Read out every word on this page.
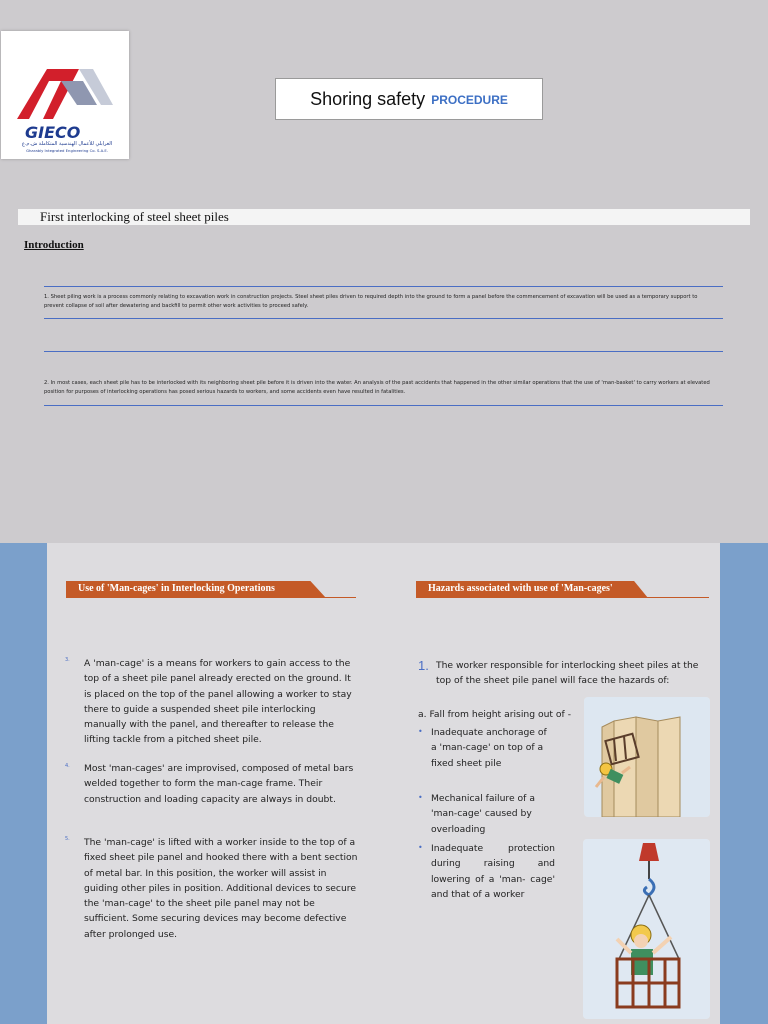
GIECO
الغرابلي للأعمال الهندسية المتكاملة ش.م.ع
Gharably Integrated Engineering Co. S.A.E.
Shoring safety PROCEDURE
First interlocking of steel sheet piles
Introduction
1. Sheet piling work is a process commonly relating to excavation work in construction projects. Steel sheet piles driven to required depth into the ground to form a panel before the commencement of excavation will be used as a temporary support to prevent collapse of soil after dewatering and backfill to permit other work activities to proceed safely.
2. In most cases, each sheet pile has to be interlocked with its neighboring sheet pile before it is driven into the water. An analysis of the past accidents that happened in the other similar operations that the use of 'man-basket' to carry workers at elevated position for purposes of interlocking operations has posed serious hazards to workers, and some accidents even have resulted in fatalities.
Use of 'Man-cages' in Interlocking Operations
3. A 'man-cage' is a means for workers to gain access to the top of a sheet pile panel already erected on the ground. It is placed on the top of the panel allowing a worker to stay there to guide a suspended sheet pile interlocking manually with the panel, and thereafter to release the lifting tackle from a pitched sheet pile.
4. Most 'man-cages' are improvised, composed of metal bars welded together to form the man-cage frame. Their construction and loading capacity are always in doubt.
5. The 'man-cage' is lifted with a worker inside to the top of a fixed sheet pile panel and hooked there with a bent section of metal bar. In this position, the worker will assist in guiding other piles in position. Additional devices to secure the 'man-cage' to the sheet pile panel may not be sufficient. Some securing devices may become defective after prolonged use.
Hazards associated with use of 'Man-cages'
1. The worker responsible for interlocking sheet piles at the top of the sheet pile panel will face the hazards of:
a. Fall from height arising out of -
• Inadequate anchorage of a 'man-cage' on top of a fixed sheet pile
• Mechanical failure of a 'man-cage' caused by overloading
• Inadequate protection during raising and lowering of a 'man- cage' and that of a worker
